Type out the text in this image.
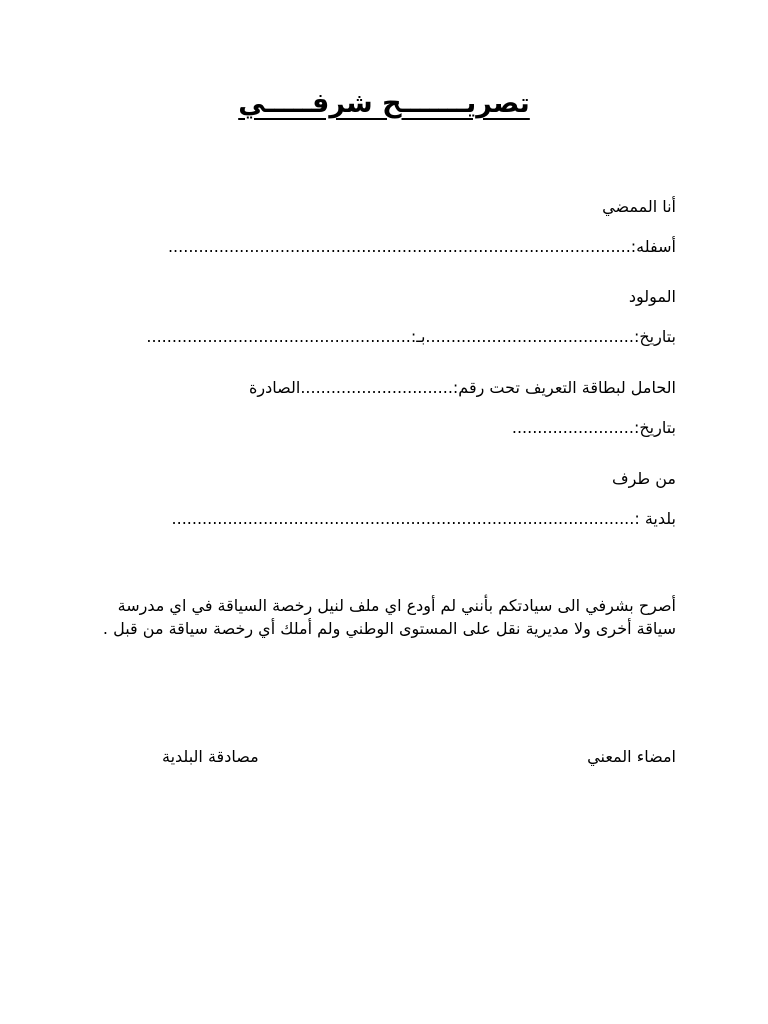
تصريـــــــح شرفـــــي

أنا الممضي

أسفله:...........................................................................................

المولود

بتاريخ:.........................................بـ:....................................................

الحامل لبطاقة التعريف تحت رقم:..............................الصادرة

بتاريخ:........................

من طرف

بلدية :...........................................................................................

أصرح بشرفي الى سيادتكم بأنني لم أودع اي ملف لنيل رخصة السياقة في اي مدرسة سياقة أخرى ولا مديرية نقل على المستوى الوطني ولم أملك أي رخصة سياقة من قبل .

امضاء المعني

مصادقة البلدية
